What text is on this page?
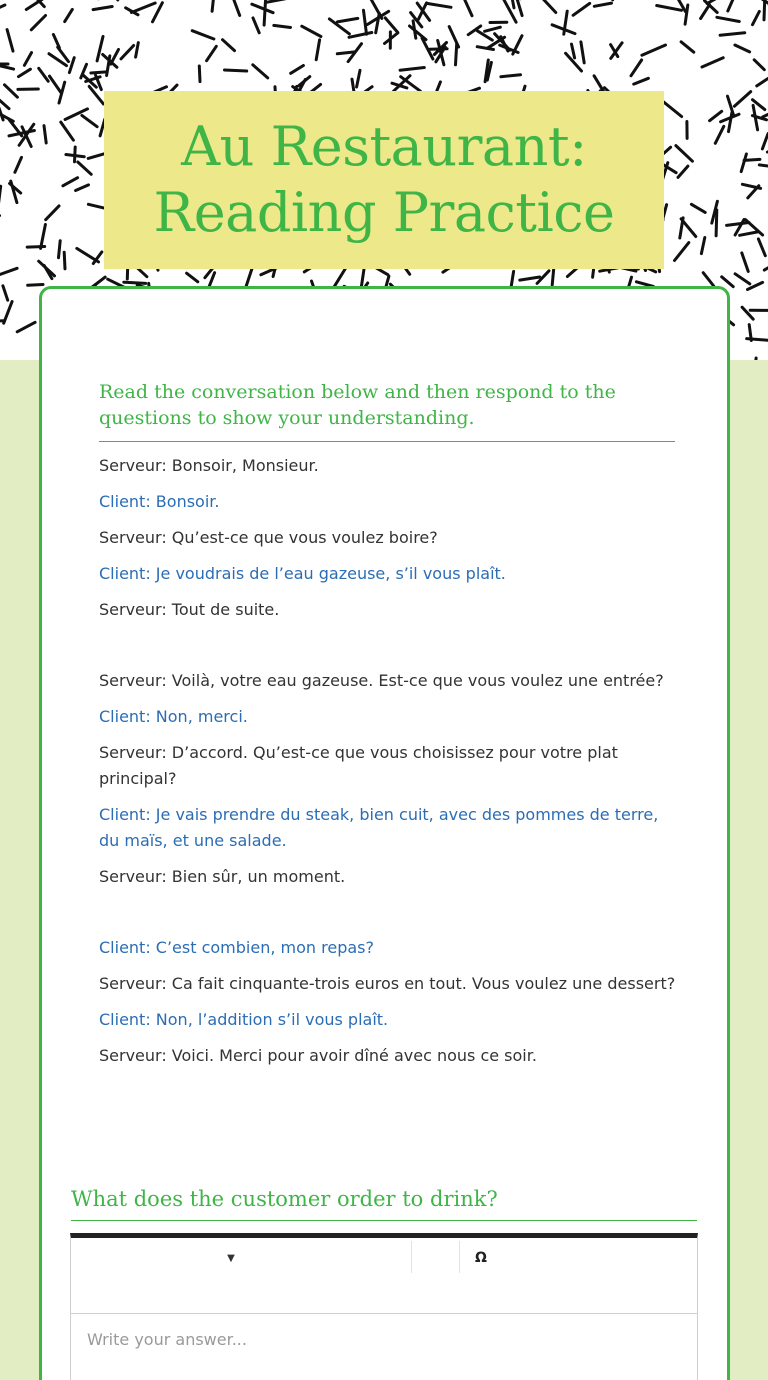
Au Restaurant:
Reading Practice
Read the conversation below and then respond to the questions to show your understanding.

Serveur: Bonsoir, Monsieur.

Client: Bonsoir.

Serveur: Qu’est-ce que vous voulez boire?

Client: Je voudrais de l’eau gazeuse, s’il vous plaît.

Serveur: Tout de suite.

Serveur: Voilà, votre eau gazeuse. Est-ce que vous voulez une entrée?

Client: Non, merci.

Serveur: D’accord. Qu’est-ce que vous choisissez pour votre plat principal?

Client: Je vais prendre du steak, bien cuit, avec des pommes de terre, du maïs, et une salade.

Serveur: Bien sûr, un moment.

Client: C’est combien, mon repas?

Serveur: Ca fait cinquante-trois euros en tout. Vous voulez une dessert?

Client: Non, l’addition s’il vous plaît.

Serveur: Voici. Merci pour avoir dîné avec nous ce soir.

What does the customer order to drink?
▼	Ω
Write your answer...
